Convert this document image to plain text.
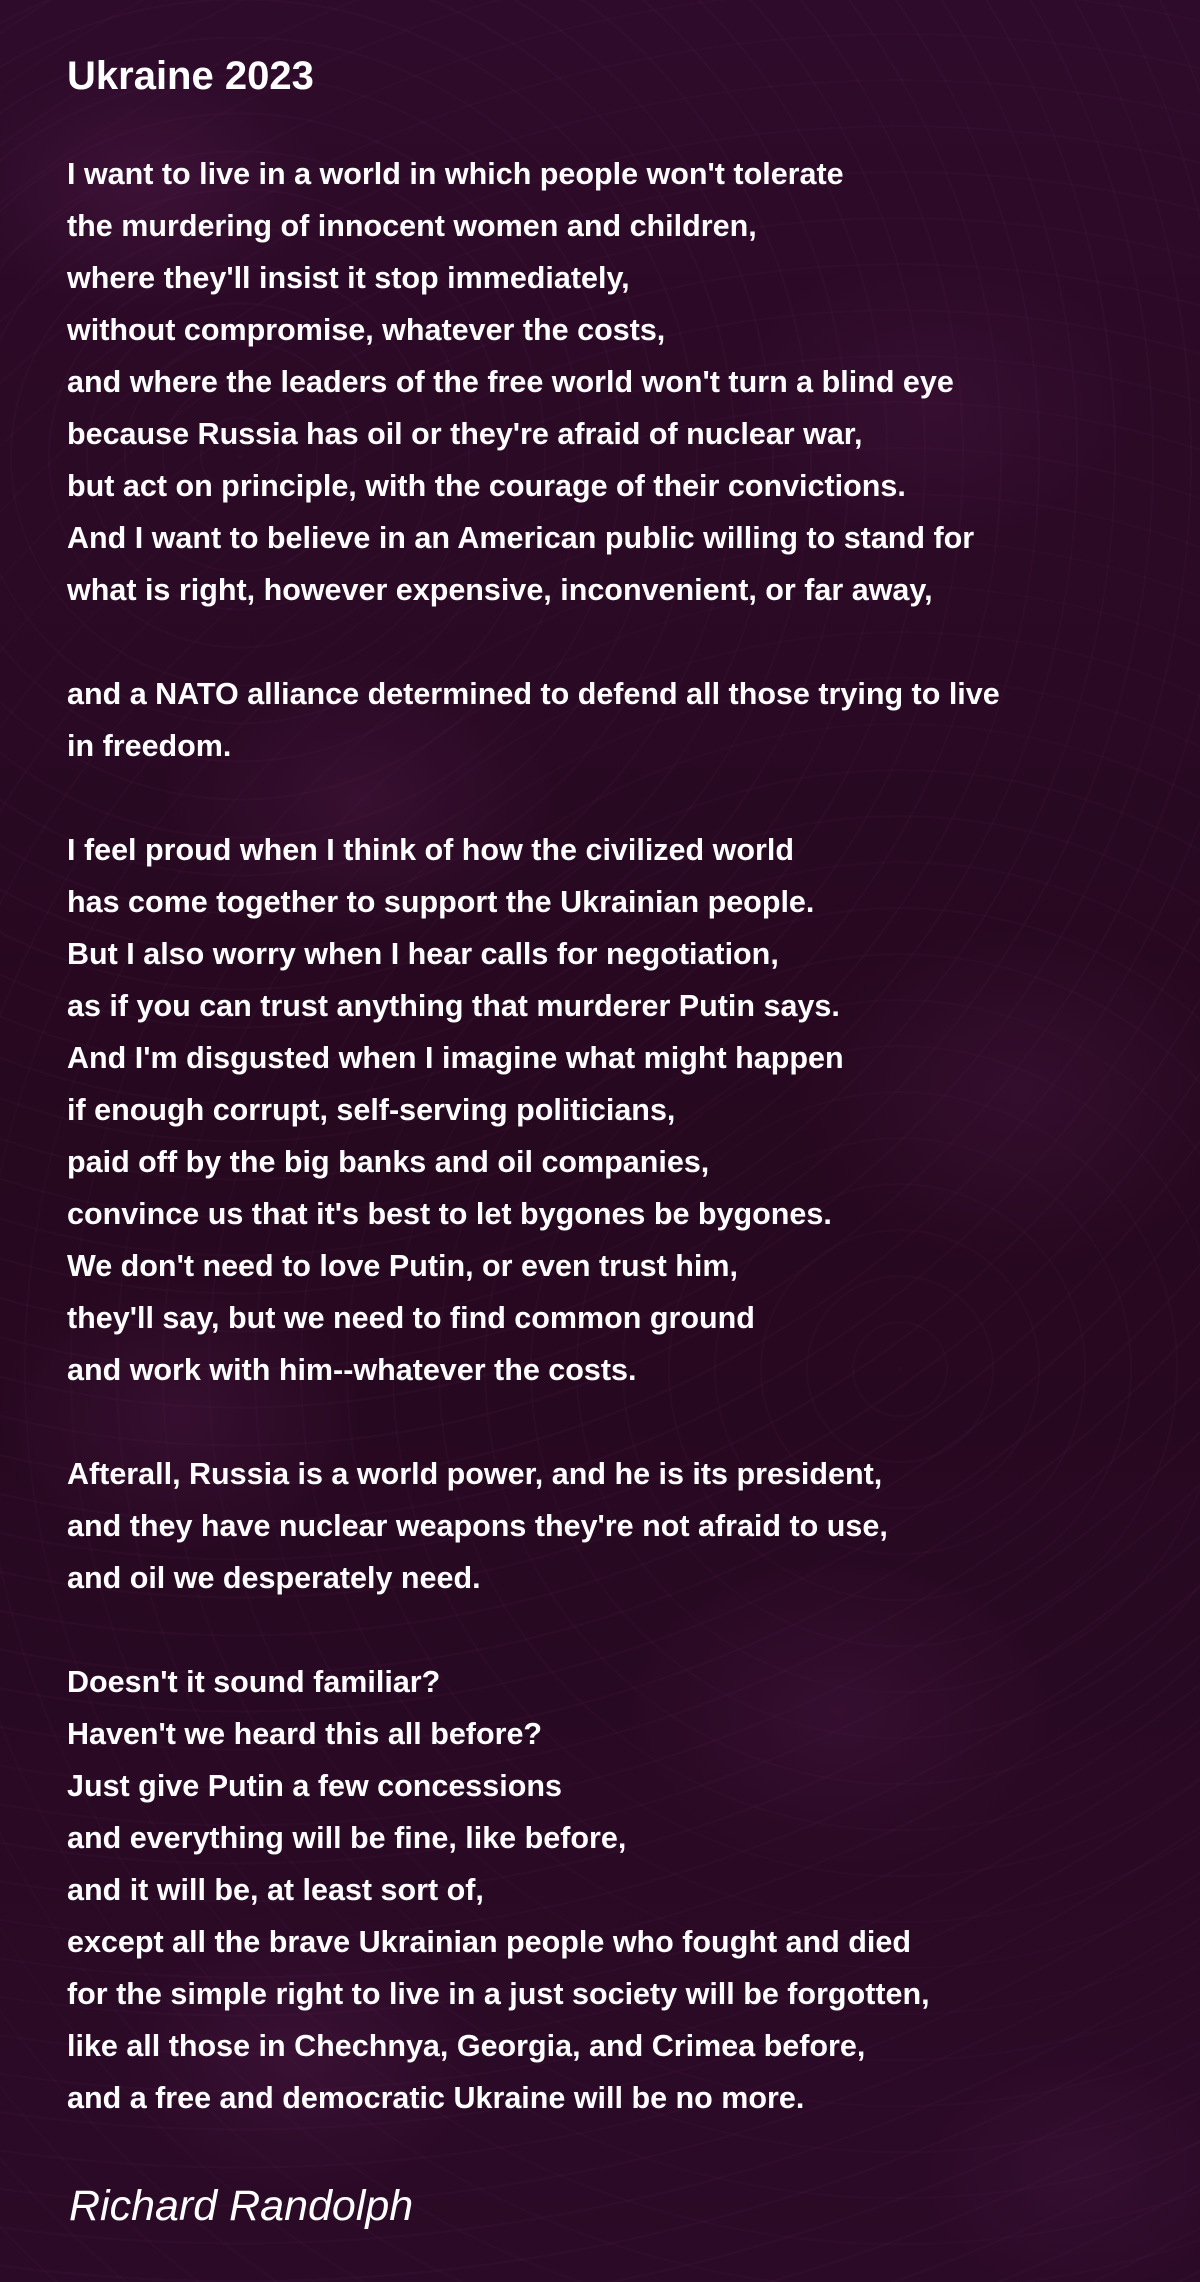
Ukraine 2023
I want to live in a world in which people won't tolerate
the murdering of innocent women and children,
where they'll insist it stop immediately,
without compromise, whatever the costs,
and where the leaders of the free world won't turn a blind eye
because Russia has oil or they're afraid of nuclear war,
but act on principle, with the courage of their convictions.
And I want to believe in an American public willing to stand for
what is right, however expensive, inconvenient, or far away,
and a NATO alliance determined to defend all those trying to live
in freedom.
I feel proud when I think of how the civilized world
has come together to support the Ukrainian people.
But I also worry when I hear calls for negotiation,
as if you can trust anything that murderer Putin says.
And I'm disgusted when I imagine what might happen
if enough corrupt, self-serving politicians,
paid off by the big banks and oil companies,
convince us that it's best to let bygones be bygones.
We don't need to love Putin, or even trust him,
they'll say, but we need to find common ground
and work with him--whatever the costs.
Afterall, Russia is a world power, and he is its president,
and they have nuclear weapons they're not afraid to use,
and oil we desperately need.
Doesn't it sound familiar?
Haven't we heard this all before?
Just give Putin a few concessions
and everything will be fine, like before,
and it will be, at least sort of,
except all the brave Ukrainian people who fought and died
for the simple right to live in a just society will be forgotten,
like all those in Chechnya, Georgia, and Crimea before,
and a free and democratic Ukraine will be no more.

Richard Randolph
